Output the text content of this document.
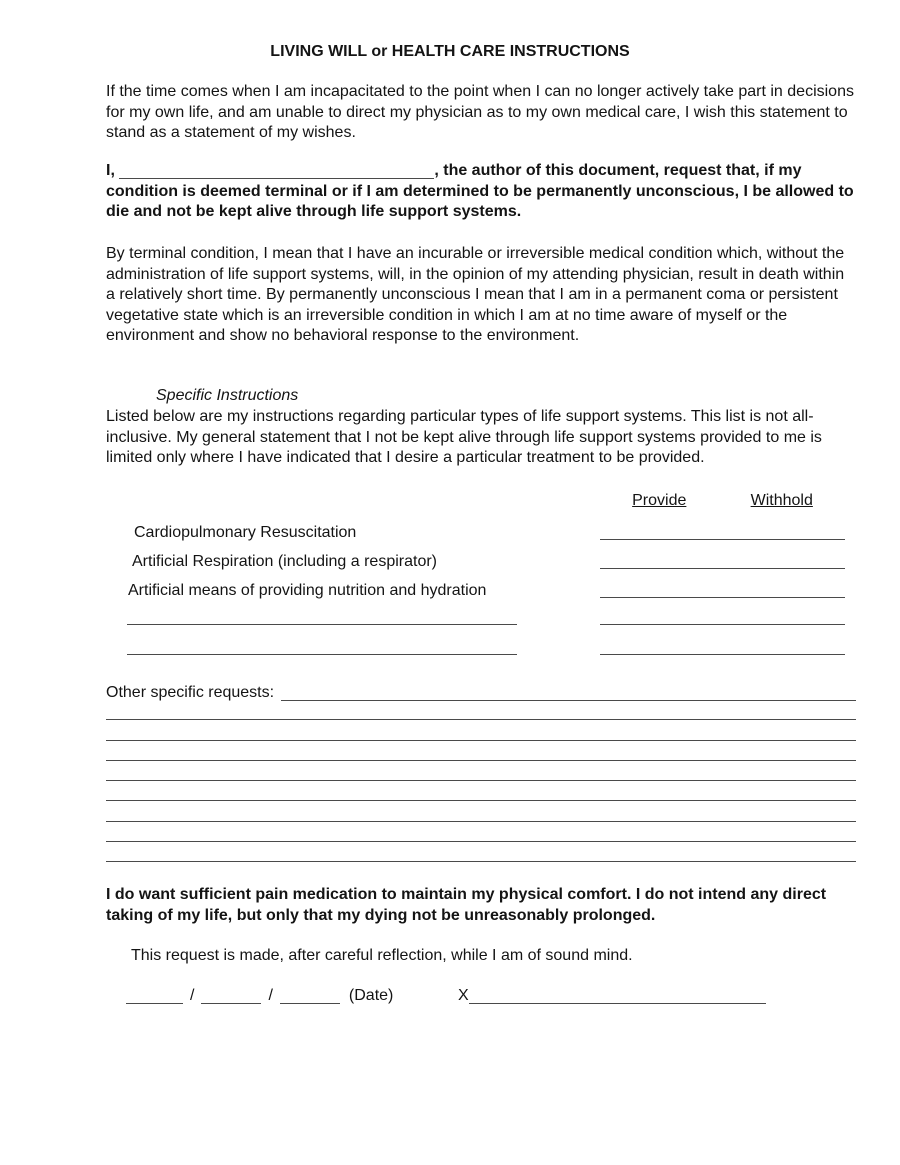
LIVING WILL or HEALTH CARE INSTRUCTIONS

If the time comes when I am incapacitated to the point when I can no longer actively take part in decisions for my own life, and am unable to direct my physician as to my own medical care, I wish this statement to stand as a statement of my wishes.

I,	, the author of this document, request that, if my condition is deemed terminal or if I am determined to be permanently unconscious, I be allowed to die and not be kept alive through life support systems.

By terminal condition, I mean that I have an incurable or irreversible medical condition which, without the administration of life support systems, will, in the opinion of my attending physician, result in death within a relatively short time. By permanently unconscious I mean that I am in a permanent coma or persistent vegetative state which is an irreversible condition in which I am at no time aware of myself or the environment and show no behavioral response to the environment.

Specific Instructions

Listed below are my instructions regarding particular types of life support systems. This list is not all-inclusive. My general statement that I not be kept alive through life support systems provided to me is limited only where I have indicated that I desire a particular treatment to be provided.

Provide	Withhold
Cardiopulmonary Resuscitation
Artificial Respiration (including a respirator)
Artificial means of providing nutrition and hydration
Other specific requests:

I do want sufficient pain medication to maintain my physical comfort. I do not intend any direct taking of my life, but only that my dying not be unreasonably prolonged.

This request is made, after careful reflection, while I am of sound mind.
/	/	(Date)	X
